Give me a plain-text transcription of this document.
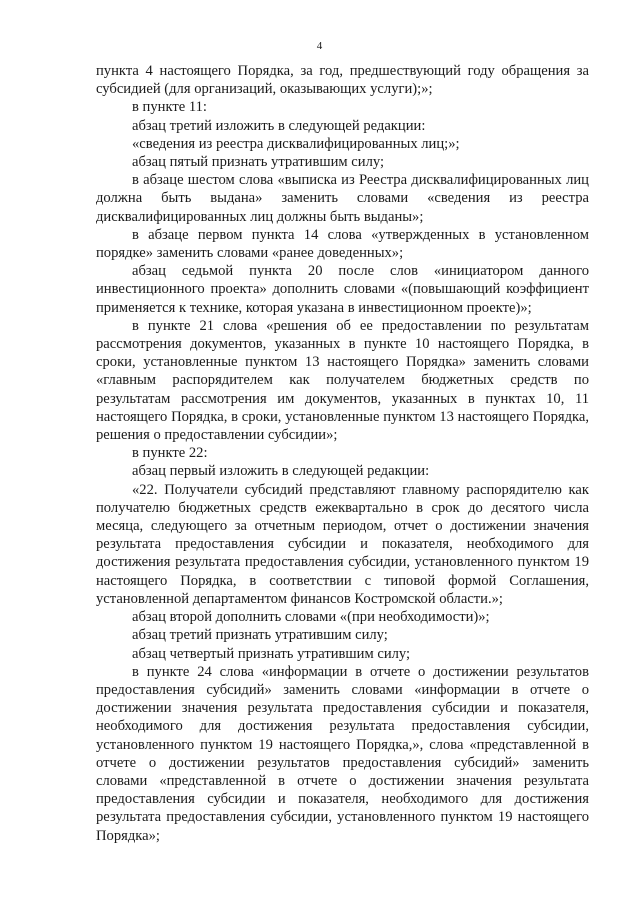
4

пункта 4 настоящего Порядка, за год, предшествующий году обращения за субсидией (для организаций, оказывающих услуги);»;

в пункте 11:

абзац третий изложить в следующей редакции:

«сведения из реестра дисквалифицированных лиц;»;

абзац пятый признать утратившим силу;

в абзаце шестом слова «выписка из Реестра дисквалифицированных лиц должна быть выдана» заменить словами «сведения из реестра дисквалифицированных лиц должны быть выданы»;

в абзаце первом пункта 14 слова «утвержденных в установленном порядке» заменить словами «ранее доведенных»;

абзац седьмой пункта 20 после слов «инициатором данного инвестиционного проекта» дополнить словами «(повышающий коэффициент применяется к технике, которая указана в инвестиционном проекте)»;

в пункте 21 слова «решения об ее предоставлении по результатам рассмотрения документов, указанных в пункте 10 настоящего Порядка, в сроки, установленные пунктом 13 настоящего Порядка» заменить словами «главным распорядителем как получателем бюджетных средств по результатам рассмотрения им документов, указанных в пунктах 10, 11 настоящего Порядка, в сроки, установленные пунктом 13 настоящего Порядка, решения о предоставлении субсидии»;

в пункте 22:

абзац первый изложить в следующей редакции:

«22. Получатели субсидий представляют главному распорядителю как получателю бюджетных средств ежеквартально в срок до десятого числа месяца, следующего за отчетным периодом, отчет о достижении значения результата предоставления субсидии и показателя, необходимого для достижения результата предоставления субсидии, установленного пунктом 19 настоящего Порядка, в соответствии с типовой формой Соглашения, установленной департаментом финансов Костромской области.»;

абзац второй дополнить словами «(при необходимости)»;

абзац третий признать утратившим силу;

абзац четвертый признать утратившим силу;

в пункте 24 слова «информации в отчете о достижении результатов предоставления субсидий» заменить словами «информации в отчете о достижении значения результата предоставления субсидии и показателя, необходимого для достижения результата предоставления субсидии, установленного пунктом 19 настоящего Порядка,», слова «представленной в отчете о достижении результатов предоставления субсидий» заменить словами «представленной в отчете о достижении значения результата предоставления субсидии и показателя, необходимого для достижения результата предоставления субсидии, установленного пунктом 19 настоящего Порядка»;
